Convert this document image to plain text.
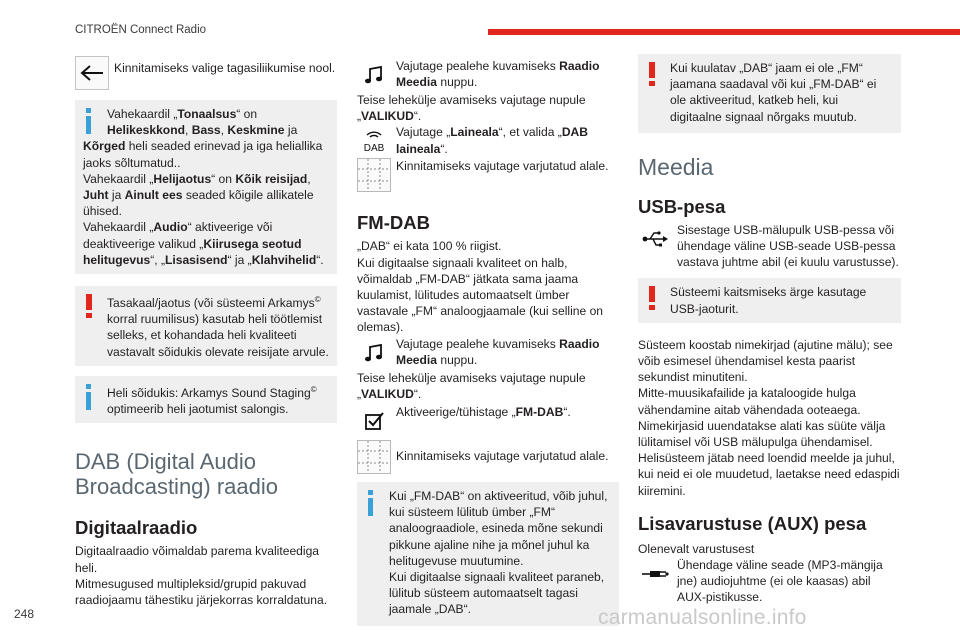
CITROËN Connect Radio

Kinnitamiseks valige tagasiliikumise nool.

Vahekaardil „Tonaalsus“ on

Helikeskkond, Bass, Keskmine ja

Kõrged heli seaded erinevad ja iga heliallika jaoks sõltumatud..

Vahekaardil „Helijaotus“ on Kõik reisijad, Juht ja Ainult ees seaded kõigile allikatele ühised.

Vahekaardil „Audio“ aktiveerige või deaktiveerige valikud „Kiirusega seotud helitugevus“, „Lisasisend“ ja „Klahvihelid“.

Tasakaal/jaotus (või süsteemi Arkamys© korral ruumilisus) kasutab heli töötlemist selleks, et kohandada heli kvaliteeti vastavalt sõidukis olevate reisijate arvule.

Heli sõidukis: Arkamys Sound Staging© optimeerib heli jaotumist salongis.

DAB (Digital Audio
Broadcasting) raadio
Digitaalraadio

Digitaalraadio võimaldab parema kvaliteediga heli.
Mitmesugused multipleksid/grupid pakuvad raadiojaamu tähestiku järjekorras korraldatuna.

Vajutage pealehe kuvamiseks Raadio Meedia nuppu.

Teise lehekülje avamiseks vajutage nupule „VALIKUD“.

DAB

Vajutage „Laineala“, et valida „DAB laineala“.

Kinnitamiseks vajutage varjutatud alale.

FM-DAB

„DAB“ ei kata 100 % riigist.
Kui digitaalse signaali kvaliteet on halb, võimaldab „FM-DAB“ jätkata sama jaama kuulamist, lülitudes automaatselt ümber vastavale „FM“ analoogjaamale (kui selline on olemas).

Vajutage pealehe kuvamiseks Raadio Meedia nuppu.

Teise lehekülje avamiseks vajutage nupule „VALIKUD“.

Aktiveerige/tühistage „FM-DAB“.

Kinnitamiseks vajutage varjutatud alale.

Kui „FM-DAB“ on aktiveeritud, võib juhul, kui süsteem lülitub ümber „FM“ analoograadiole, esineda mõne sekundi pikkune ajaline nihe ja mõnel juhul ka helitugevuse muutumine.
Kui digitaalse signaali kvaliteet paraneb, lülitub süsteem automaatselt tagasi jaamale „DAB“.

Kui kuulatav „DAB“ jaam ei ole „FM“ jaamana saadaval või kui „FM-DAB“ ei ole aktiveeritud, katkeb heli, kui digitaalne signaal nõrgaks muutub.

Meedia
USB-pesa

Sisestage USB-mälupulk USB-pessa või ühendage väline USB-seade USB-pessa vastava juhtme abil (ei kuulu varustusse).

Süsteemi kaitsmiseks ärge kasutage USB-jaoturit.

Süsteem koostab nimekirjad (ajutine mälu); see võib esimesel ühendamisel kesta paarist sekundist minutiteni.
Mitte-muusikafailide ja kataloogide hulga vähendamine aitab vähendada ooteaega.
Nimekirjasid uuendatakse alati kas süüte välja lülitamisel või USB mälupulga ühendamisel.
Helisüsteem jätab need loendid meelde ja juhul, kui neid ei ole muudetud, laetakse need edaspidi kiiremini.

Lisavarustuse (AUX) pesa

Olenevalt varustusest

Ühendage väline seade (MP3-mängija jne) audiojuhtme (ei ole kaasas) abil AUX-pistikusse.

248	carmanualsonline.info
